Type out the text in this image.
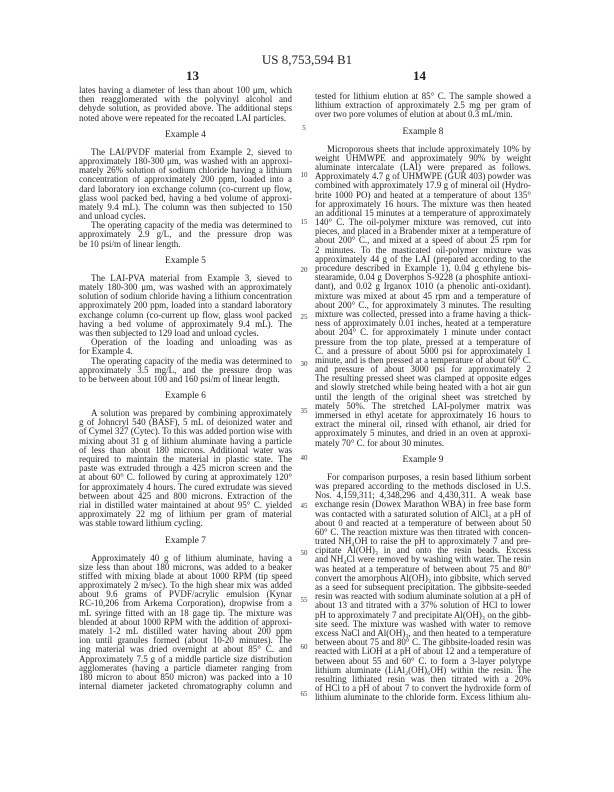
US 8,753,594 B1
13	14
lates having a diameter of less than about 100 μm, which
then reagglomerated with the polyvinyl alcohol and
dehyde solution, as provided above. The additional steps
noted above were repeated for the recoated LAI particles.
Example 4
The LAI/PVDF material from Example 2, sieved to
approximately 180-300 μm, was washed with an approxi-
mately 26% solution of sodium chloride having a lithium
concentration of approximately 200 ppm, loaded into a
dard laboratory ion exchange column (co-current up flow,
glass wool packed bed, having a bed volume of approxi-
mately 9.4 mL). The column was then subjected to 150
and unload cycles.
The operating capacity of the media was determined to
approximately 2.9 g/L, and the pressure drop was
be 10 psi/m of linear length.
Example 5
The LAI-PVA material from Example 3, sieved to
mately 180-300 μm, was washed with an approximately
solution of sodium chloride having a lithium concentration
approximately 200 ppm, loaded into a standard laboratory
exchange column (co-current up flow, glass wool packed
having a bed volume of approximately 9.4 mL). The
was then subjected to 129 load and unload cycles.
Operation of the loading and unloading was as
for Example 4.
The operating capacity of the media was determined to
approximately 3.5 mg/L, and the pressure drop was
to be between about 100 and 160 psi/m of linear length.
Example 6
A solution was prepared by combining approximately
g of Johncryl 540 (BASF), 5 mL of deionized water and
of Cymel 327 (Cytec). To this was added portion wise with
mixing about 31 g of lithium aluminate having a particle
of less than about 180 microns. Additional water was
required to maintain the material in plastic state. The
paste was extruded through a 425 micron screen and the
at about 60° C. followed by curing at approximately 120°
for approximately 4 hours. The cured extrudate was sieved
between about 425 and 800 microns. Extraction of the
rial in distilled water maintained at about 95° C. yielded
approximately 22 mg of lithium per gram of material
was stable toward lithium cycling.
Example 7
Approximately 40 g of lithium aluminate, having a
size less than about 180 microns, was added to a beaker
stiffed with mixing blade at about 1000 RPM (tip speed
approximately 2 m/sec). To the high shear mix was added
about 9.6 grams of PVDF/acrylic emulsion (Kynar
RC-10,206 from Arkema Corporation), dropwise from a
mL syringe fitted with an 18 gage tip. The mixture was
blended at about 1000 RPM with the addition of approxi-
mately 1-2 mL distilled water having about 200 ppm
ion until granules formed (about 10-20 minutes). The
ing material was dried overnight at about 85° C. and
Approximately 7.5 g of a middle particle size distribution
agglomerates (having a particle diameter ranging from
180 micron to about 850 micron) was packed into a 10
internal diameter jacketed chromatography column and
tested for lithium elution at 85° C. The sample showed a
lithium extraction of approximately 2.5 mg per gram of
over two pore volumes of elution at about 0.3 mL/min.
Example 8
Microporous sheets that include approximately 10% by
weight UHMWPE and approximately 90% by weight
aluminate intercalate (LAI) were prepared as follows.
Approximately 4.7 g of UHMWPE (GUR 403) powder was
combined with approximately 17.9 g of mineral oil (Hydro-
brite 1000 PO) and heated at a temperature of about 135°
for approximately 16 hours. The mixture was then heated
an additional 15 minutes at a temperature of approximately
140° C. The oil-polymer mixture was removed, cut into
pieces, and placed in a Brabender mixer at a temperature of
about 200° C., and mixed at a speed of about 25 rpm for
2 minutes. To the masticated oil-polymer mixture was
approximately 44 g of the LAI (prepared according to the
procedure described in Example 1), 0.04 g ethylene bis-
stearamide, 0.04 g Doverphos S-9228 (a phosphite antioxi-
dant), and 0.02 g Irganox 1010 (a phenolic anti-oxidant).
mixture was mixed at about 45 rpm and a temperature of
about 200° C., for approximately 3 minutes. The resulting
mixture was collected, pressed into a frame having a thick-
ness of approximately 0.01 inches, heated at a temperature
about 204° C. for approximately 1 minute under contact
pressure from the top plate, pressed at a temperature of
C. and a pressure of about 5000 psi for approximately 1
minute, and is then pressed at a temperature of about 60° C.
and pressure of about 3000 psi for approximately 2
The resulting pressed sheet was clamped at opposite edges
and slowly stretched while being heated with a hot air gun
until the length of the original sheet was stretched by
mately 50%. The stretched LAI-polymer matrix was
immersed in ethyl acetate for approximately 16 hours to
extract the mineral oil, rinsed with ethanol, air dried for
approximately 5 minutes, and dried in an oven at approxi-
mately 70° C. for about 30 minutes.
Example 9
For comparison purposes, a resin based lithium sorbent
was prepared according to the methods disclosed in U.S.
Nos. 4,159,311; 4,348,296 and 4,430,311. A weak base
exchange resin (Dowex Marathon WBA) in free base form
was contacted with a saturated solution of AlCl₃ at a pH of
about 0 and reacted at a temperature of between about 50
60° C. The reaction mixture was then titrated with concen-
trated NH₄OH to raise the pH to approximately 7 and pre-
cipitate Al(OH)₃ in and onto the resin beads. Excess
and NH₄Cl were removed by washing with water. The resin
was heated at a temperature of between about 75 and 80°
convert the amorphous Al(OH)₃ into gibbsite, which served
as a seed for subsequent precipitation. The gibbsite-seeded
resin was reacted with sodium aluminate solution at a pH of
about 13 and titrated with a 37% solution of HCl to lower
pH to approximately 7 and precipitate Al(OH)₃ on the gibb-
site seed. The mixture was washed with water to remove
excess NaCl and Al(OH)₃, and then heated to a temperature
between about 75 and 80° C. The gibbsite-loaded resin was
reacted with LiOH at a pH of about 12 and a temperature of
between about 55 and 60° C. to form a 3-layer polytype
lithium aluminate (LiAl₂(OH)₆OH) within the resin. The
resulting lithiated resin was then titrated with a 20%
of HCl to a pH of about 7 to convert the hydroxide form of
lithium aluminate to the chloride form. Excess lithium alu-
5
10
15
20
25
30
35
40
45
50
55
60
65
